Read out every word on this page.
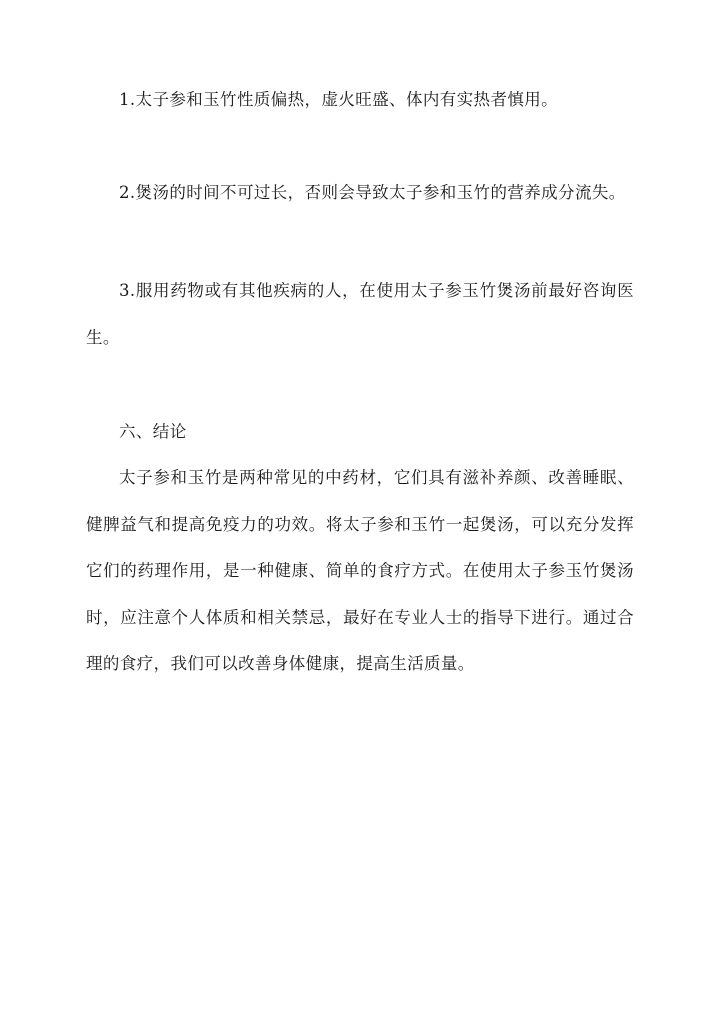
1.太子参和玉竹性质偏热，虚火旺盛、体内有实热者慎用。

2.煲汤的时间不可过长，否则会导致太子参和玉竹的营养成分流失。

3.服用药物或有其他疾病的人，在使用太子参玉竹煲汤前最好咨询医生。

六、结论

太子参和玉竹是两种常见的中药材，它们具有滋补养颜、改善睡眠、健脾益气和提高免疫力的功效。将太子参和玉竹一起煲汤，可以充分发挥它们的药理作用，是一种健康、简单的食疗方式。在使用太子参玉竹煲汤时，应注意个人体质和相关禁忌，最好在专业人士的指导下进行。通过合理的食疗，我们可以改善身体健康，提高生活质量。
